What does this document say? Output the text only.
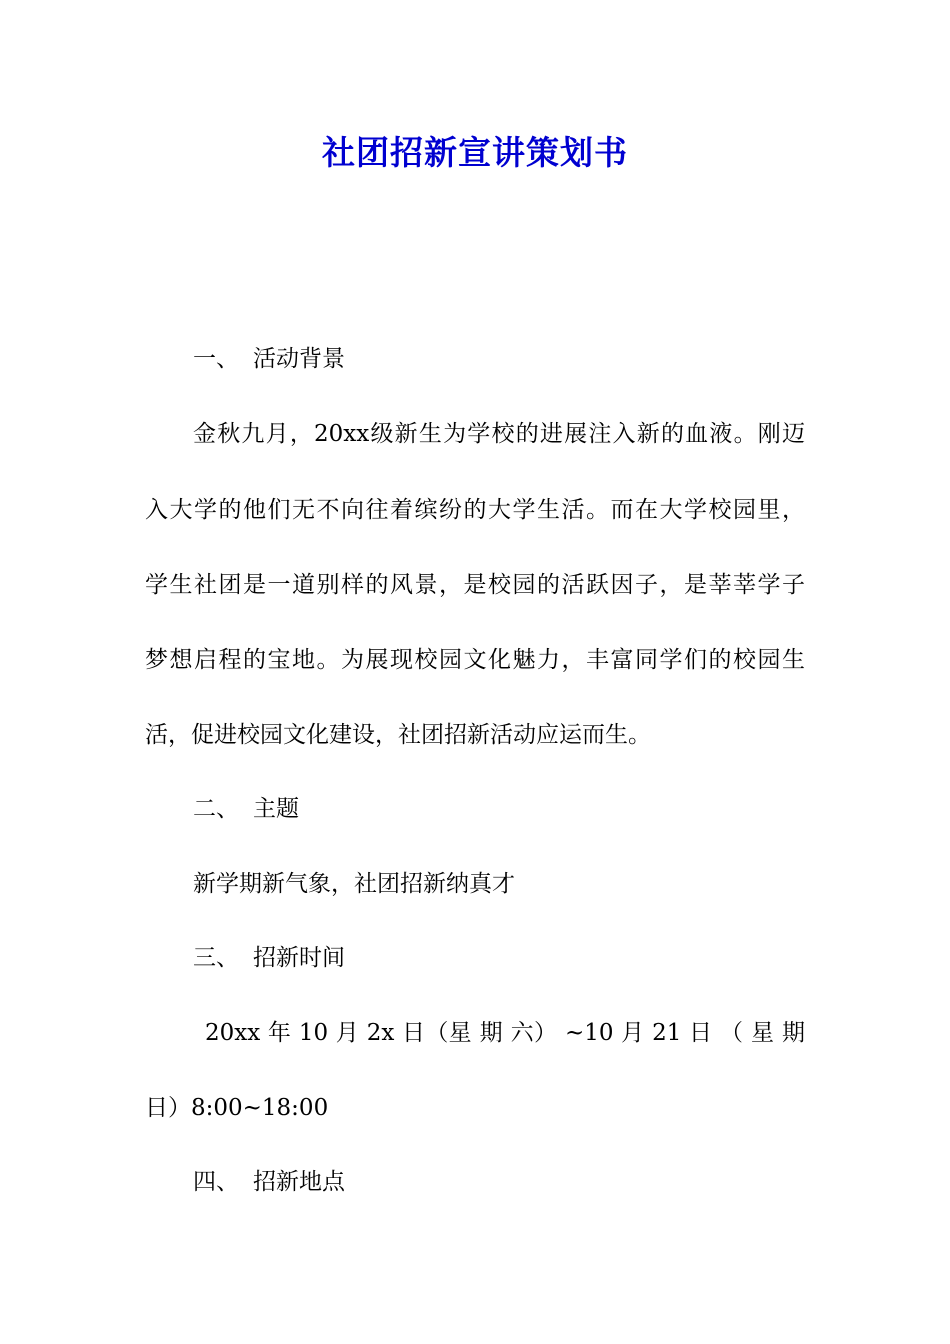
社团招新宣讲策划书
一、 活动背景
金秋九月，20xx级新生为学校的进展注入新的血液。刚迈
入大学的他们无不向往着缤纷的大学生活。而在大学校园里，
学生社团是一道别样的风景，是校园的活跃因子，是莘莘学子
梦想启程的宝地。为展现校园文化魅力，丰富同学们的校园生
活，促进校园文化建设，社团招新活动应运而生。
二、 主题
新学期新气象，社团招新纳真才
三、 招新时间
20xx 年 10 月 2x 日（星 期 六） ~10 月 21 日 （ 星 期
日）8:00~18:00
四、 招新地点
